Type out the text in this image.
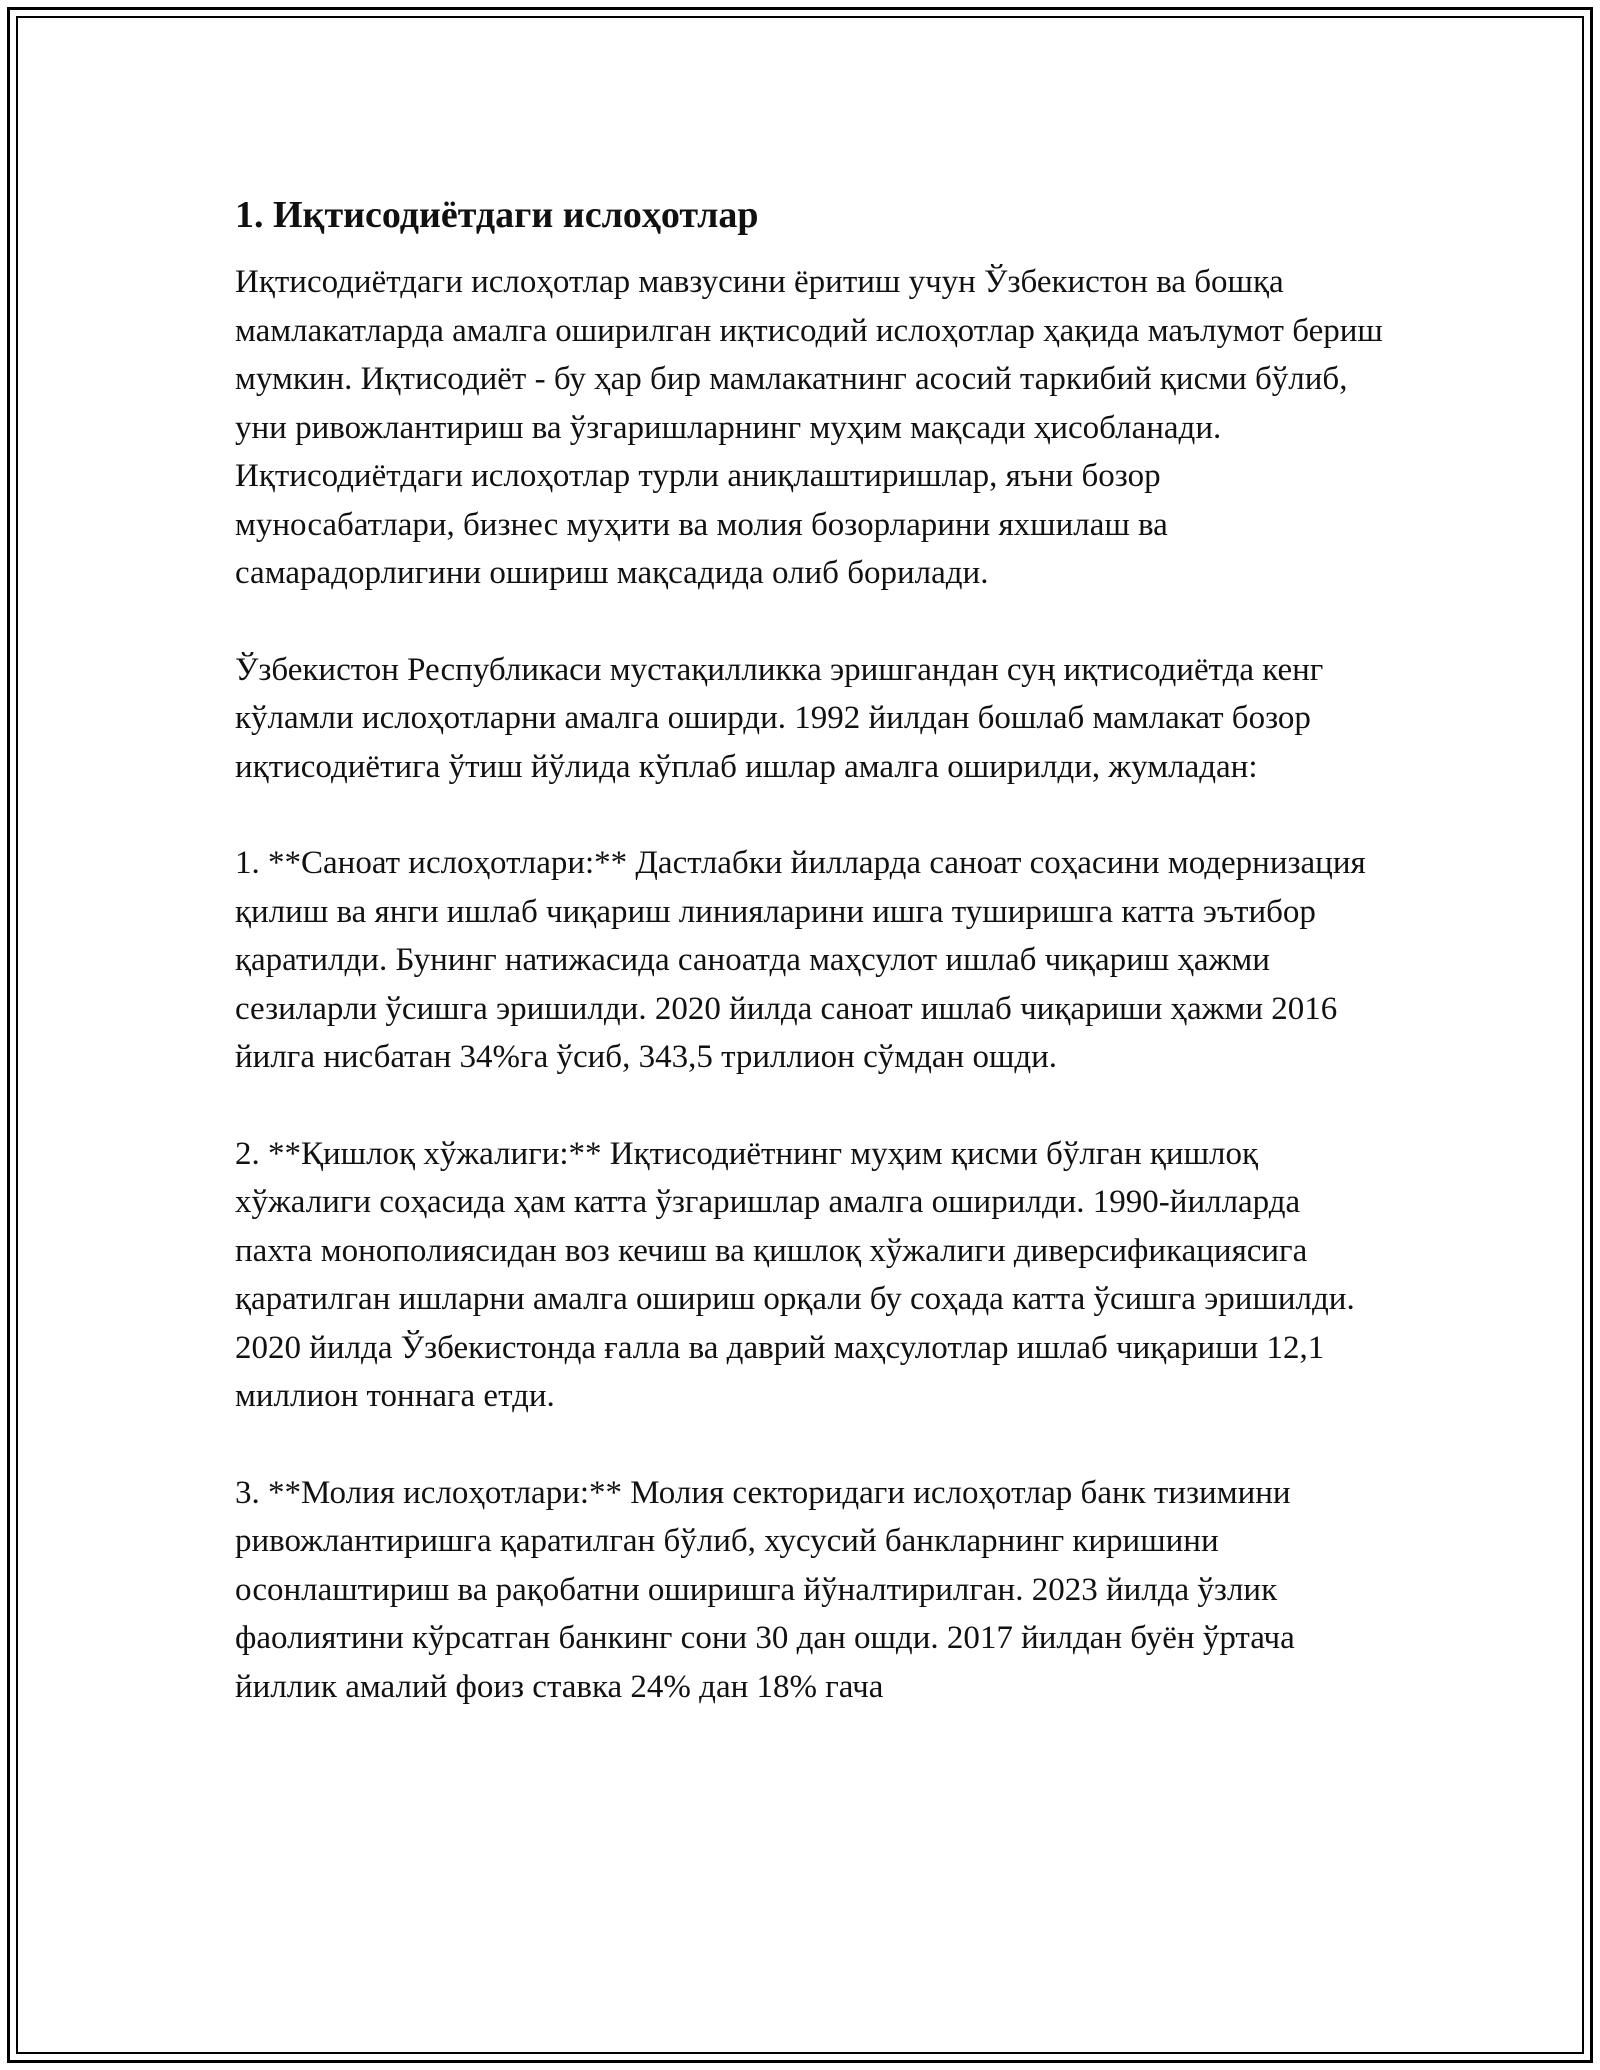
1. Иқтисодиётдаги ислоҳотлар

Иқтисодиётдаги ислоҳотлар мавзусини ёритиш учун Ўзбекистон ва бошқа мамлакатларда амалга оширилган иқтисодий ислоҳотлар ҳақида маълумот бериш мумкин. Иқтисодиёт - бу ҳар бир мамлакатнинг асосий таркибий қисми бўлиб, уни ривожлантириш ва ўзгаришларнинг муҳим мақсади ҳисобланади. Иқтисодиётдаги ислоҳотлар турли аниқлаштиришлар, яъни бозор муносабатлари, бизнес муҳити ва молия бозорларини яхшилаш ва самарадорлигини ошириш мақсадида олиб борилади.

Ўзбекистон Республикаси мустақилликка эришгандан суң иқтисодиётда кенг кўламли ислоҳотларни амалга оширди. 1992 йилдан бошлаб мамлакат бозор иқтисодиётига ўтиш йўлида кўплаб ишлар амалга оширилди, жумладан:

1. **Саноат ислоҳотлари:** Дастлабки йилларда саноат соҳасини модернизация қилиш ва янги ишлаб чиқариш линияларини ишга туширишга катта эътибор қаратилди. Бунинг натижасида саноатда маҳсулот ишлаб чиқариш ҳажми сезиларли ўсишга эришилди. 2020 йилда саноат ишлаб чиқариши ҳажми 2016 йилга нисбатан 34%га ўсиб, 343,5 триллион сўмдан ошди.

2. **Қишлоқ хўжалиги:** Иқтисодиётнинг муҳим қисми бўлган қишлоқ хўжалиги соҳасида ҳам катта ўзгаришлар амалга оширилди. 1990-йилларда пахта монополиясидан воз кечиш ва қишлоқ хўжалиги диверсификациясига қаратилган ишларни амалга ошириш орқали бу соҳада катта ўсишга эришилди. 2020 йилда Ўзбекистонда ғалла ва даврий маҳсулотлар ишлаб чиқариши 12,1 миллион тоннага етди.

3. **Молия ислоҳотлари:** Молия секторидаги ислоҳотлар банк тизимини ривожлантиришга қаратилган бўлиб, хусусий банкларнинг киришини осонлаштириш ва рақобатни оширишга йўналтирилган. 2023 йилда ўзлик фаолиятини кўрсатган банкинг сони 30 дан ошди. 2017 йилдан буён ўртача йиллик амалий фоиз ставка 24% дан 18% гача
